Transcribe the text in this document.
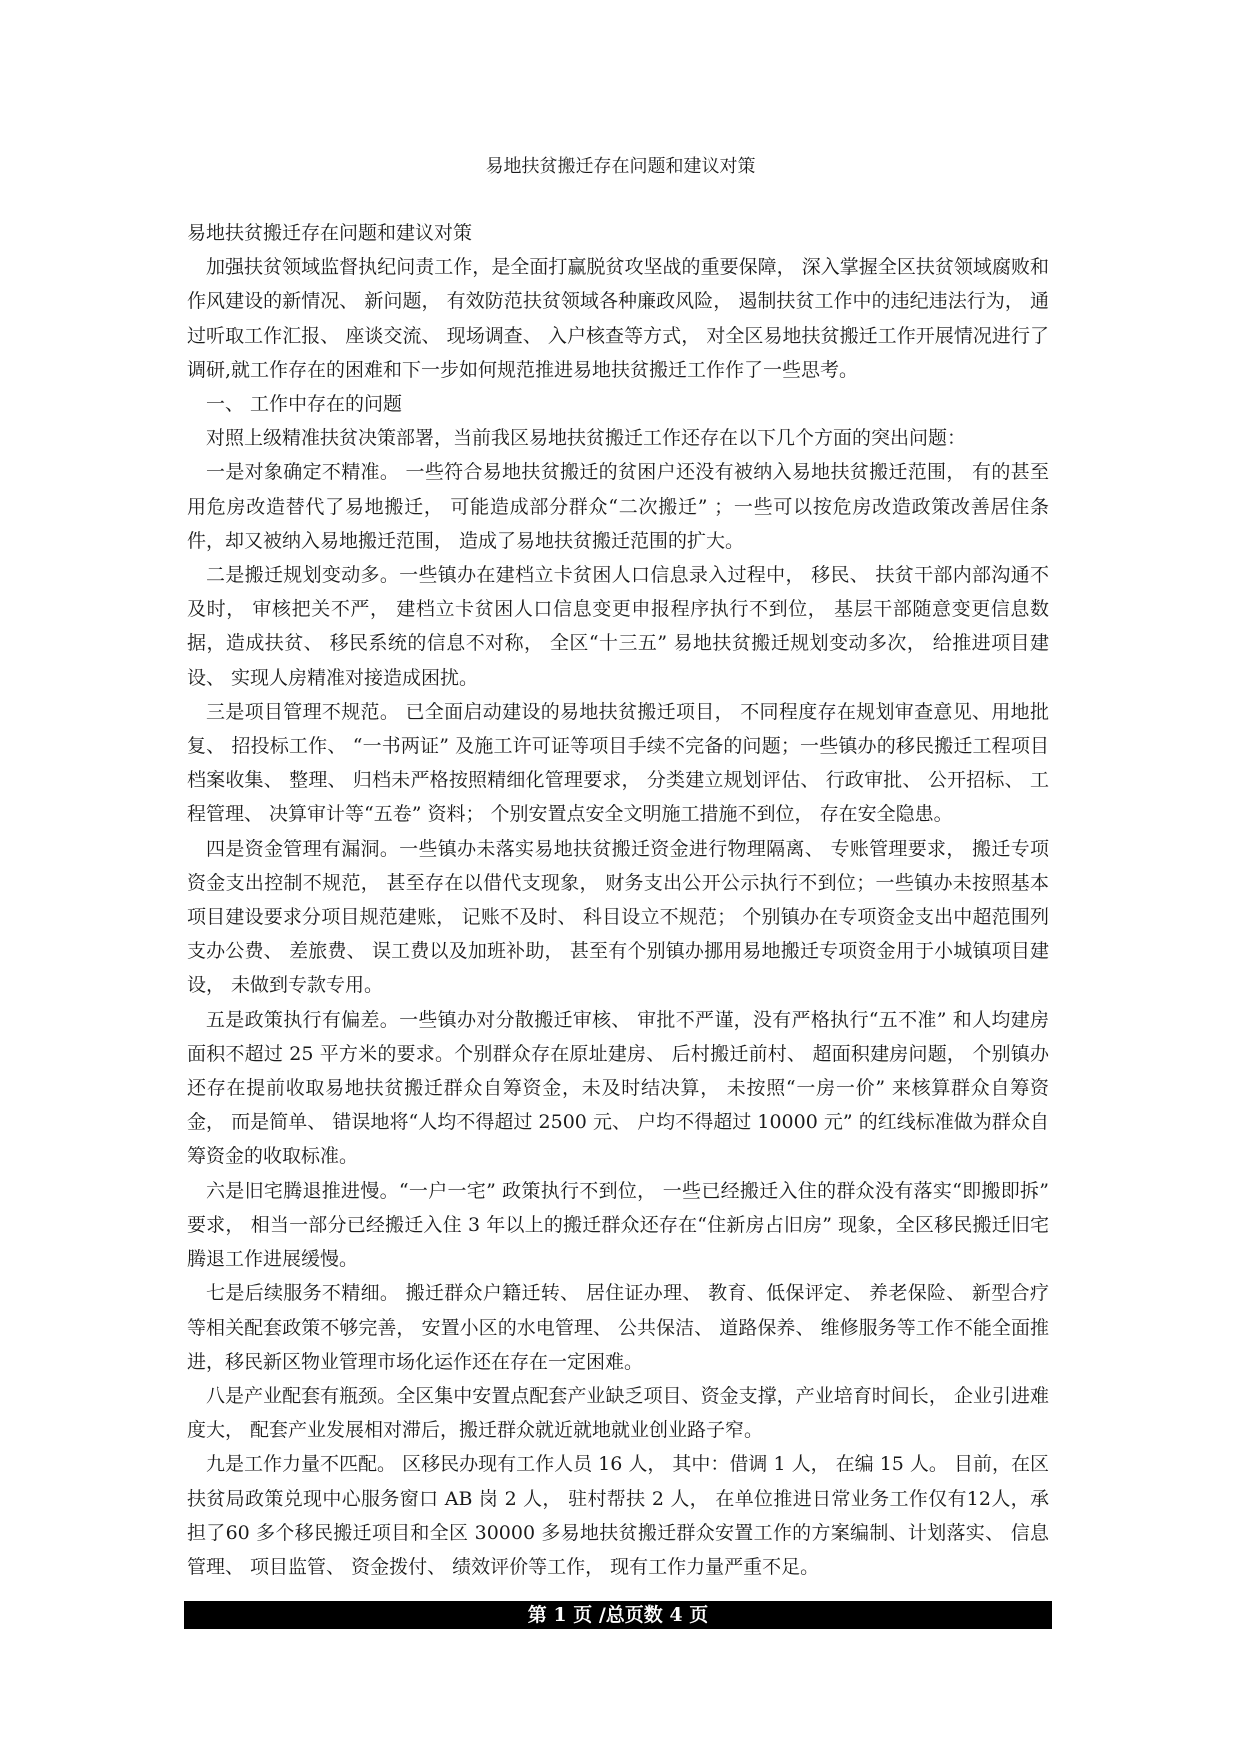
易地扶贫搬迁存在问题和建议对策

易地扶贫搬迁存在问题和建议对策

加强扶贫领域监督执纪问责工作，是全面打赢脱贫攻坚战的重要保障， 深入掌握全区扶贫领域腐败和作风建设的新情况、 新问题， 有效防范扶贫领域各种廉政风险， 遏制扶贫工作中的违纪违法行为， 通过听取工作汇报、 座谈交流、 现场调查、 入户核查等方式， 对全区易地扶贫搬迁工作开展情况进行了调研,就工作存在的困难和下一步如何规范推进易地扶贫搬迁工作作了一些思考。

一、 工作中存在的问题

对照上级精准扶贫决策部署，当前我区易地扶贫搬迁工作还存在以下几个方面的突出问题：

一是对象确定不精准。 一些符合易地扶贫搬迁的贫困户还没有被纳入易地扶贫搬迁范围， 有的甚至用危房改造替代了易地搬迁， 可能造成部分群众“二次搬迁” ；一些可以按危房改造政策改善居住条件，却又被纳入易地搬迁范围， 造成了易地扶贫搬迁范围的扩大。

二是搬迁规划变动多。一些镇办在建档立卡贫困人口信息录入过程中， 移民、 扶贫干部内部沟通不及时， 审核把关不严， 建档立卡贫困人口信息变更申报程序执行不到位， 基层干部随意变更信息数据，造成扶贫、 移民系统的信息不对称， 全区“十三五” 易地扶贫搬迁规划变动多次， 给推进项目建设、 实现人房精准对接造成困扰。

三是项目管理不规范。 已全面启动建设的易地扶贫搬迁项目， 不同程度存在规划审查意见、用地批复、 招投标工作、 “一书两证” 及施工许可证等项目手续不完备的问题；一些镇办的移民搬迁工程项目档案收集、 整理、 归档未严格按照精细化管理要求， 分类建立规划评估、 行政审批、 公开招标、 工程管理、 决算审计等“五卷” 资料； 个别安置点安全文明施工措施不到位， 存在安全隐患。

四是资金管理有漏洞。一些镇办未落实易地扶贫搬迁资金进行物理隔离、 专账管理要求， 搬迁专项资金支出控制不规范， 甚至存在以借代支现象， 财务支出公开公示执行不到位；一些镇办未按照基本项目建设要求分项目规范建账， 记账不及时、 科目设立不规范； 个别镇办在专项资金支出中超范围列支办公费、 差旅费、 误工费以及加班补助， 甚至有个别镇办挪用易地搬迁专项资金用于小城镇项目建设， 未做到专款专用。

五是政策执行有偏差。一些镇办对分散搬迁审核、 审批不严谨，没有严格执行“五不准” 和人均建房面积不超过 25 平方米的要求。个别群众存在原址建房、 后村搬迁前村、 超面积建房问题， 个别镇办还存在提前收取易地扶贫搬迁群众自筹资金，未及时结决算， 未按照“一房一价” 来核算群众自筹资金， 而是简单、 错误地将“人均不得超过 2500 元、 户均不得超过 10000 元” 的红线标准做为群众自筹资金的收取标准。

六是旧宅腾退推进慢。“一户一宅” 政策执行不到位， 一些已经搬迁入住的群众没有落实“即搬即拆” 要求， 相当一部分已经搬迁入住 3 年以上的搬迁群众还存在“住新房占旧房” 现象，全区移民搬迁旧宅腾退工作进展缓慢。

七是后续服务不精细。 搬迁群众户籍迁转、 居住证办理、 教育、低保评定、 养老保险、 新型合疗等相关配套政策不够完善， 安置小区的水电管理、 公共保洁、 道路保养、 维修服务等工作不能全面推进，移民新区物业管理市场化运作还在存在一定困难。

八是产业配套有瓶颈。全区集中安置点配套产业缺乏项目、资金支撑，产业培育时间长， 企业引进难度大， 配套产业发展相对滞后，搬迁群众就近就地就业创业路子窄。

九是工作力量不匹配。 区移民办现有工作人员 16 人， 其中：借调 1 人， 在编 15 人。 目前，在区扶贫局政策兑现中心服务窗口 AB 岗 2 人， 驻村帮扶 2 人， 在单位推进日常业务工作仅有12人，承担了60 多个移民搬迁项目和全区 30000 多易地扶贫搬迁群众安置工作的方案编制、计划落实、 信息管理、 项目监管、 资金拨付、 绩效评价等工作， 现有工作力量严重不足。

第 1 页 /总页数 4 页
